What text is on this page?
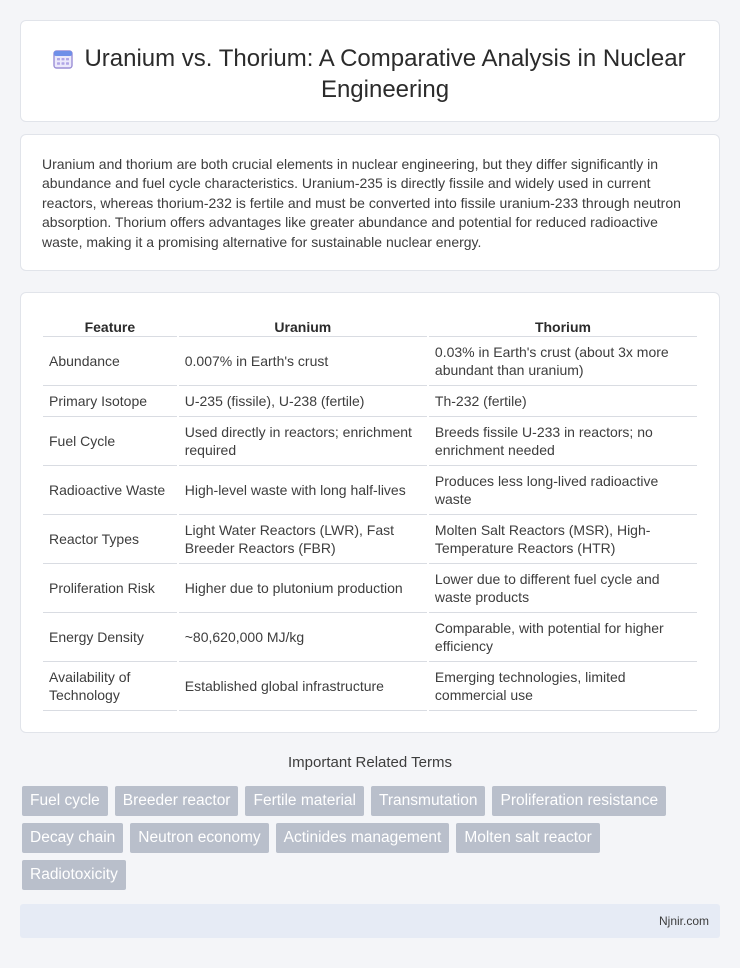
Uranium vs. Thorium: A Comparative Analysis in Nuclear Engineering

Uranium and thorium are both crucial elements in nuclear engineering, but they differ significantly in abundance and fuel cycle characteristics. Uranium-235 is directly fissile and widely used in current reactors, whereas thorium-232 is fertile and must be converted into fissile uranium-233 through neutron absorption. Thorium offers advantages like greater abundance and potential for reduced radioactive waste, making it a promising alternative for sustainable nuclear energy.

Feature	Uranium	Thorium
Abundance	0.007% in Earth's crust	0.03% in Earth's crust (about 3x more abundant than uranium)
Primary Isotope	U-235 (fissile), U-238 (fertile)	Th-232 (fertile)
Fuel Cycle	Used directly in reactors; enrichment required	Breeds fissile U-233 in reactors; no enrichment needed
Radioactive Waste	High-level waste with long half-lives	Produces less long-lived radioactive waste
Reactor Types	Light Water Reactors (LWR), Fast Breeder Reactors (FBR)	Molten Salt Reactors (MSR), High-Temperature Reactors (HTR)
Proliferation Risk	Higher due to plutonium production	Lower due to different fuel cycle and waste products
Energy Density	~80,620,000 MJ/kg	Comparable, with potential for higher efficiency
Availability of Technology	Established global infrastructure	Emerging technologies, limited commercial use
Important Related Terms
Fuel cycle	Breeder reactor	Fertile material	Transmutation	Proliferation resistance
Decay chain	Neutron economy	Actinides management	Molten salt reactor
Radiotoxicity
Njnir.com
